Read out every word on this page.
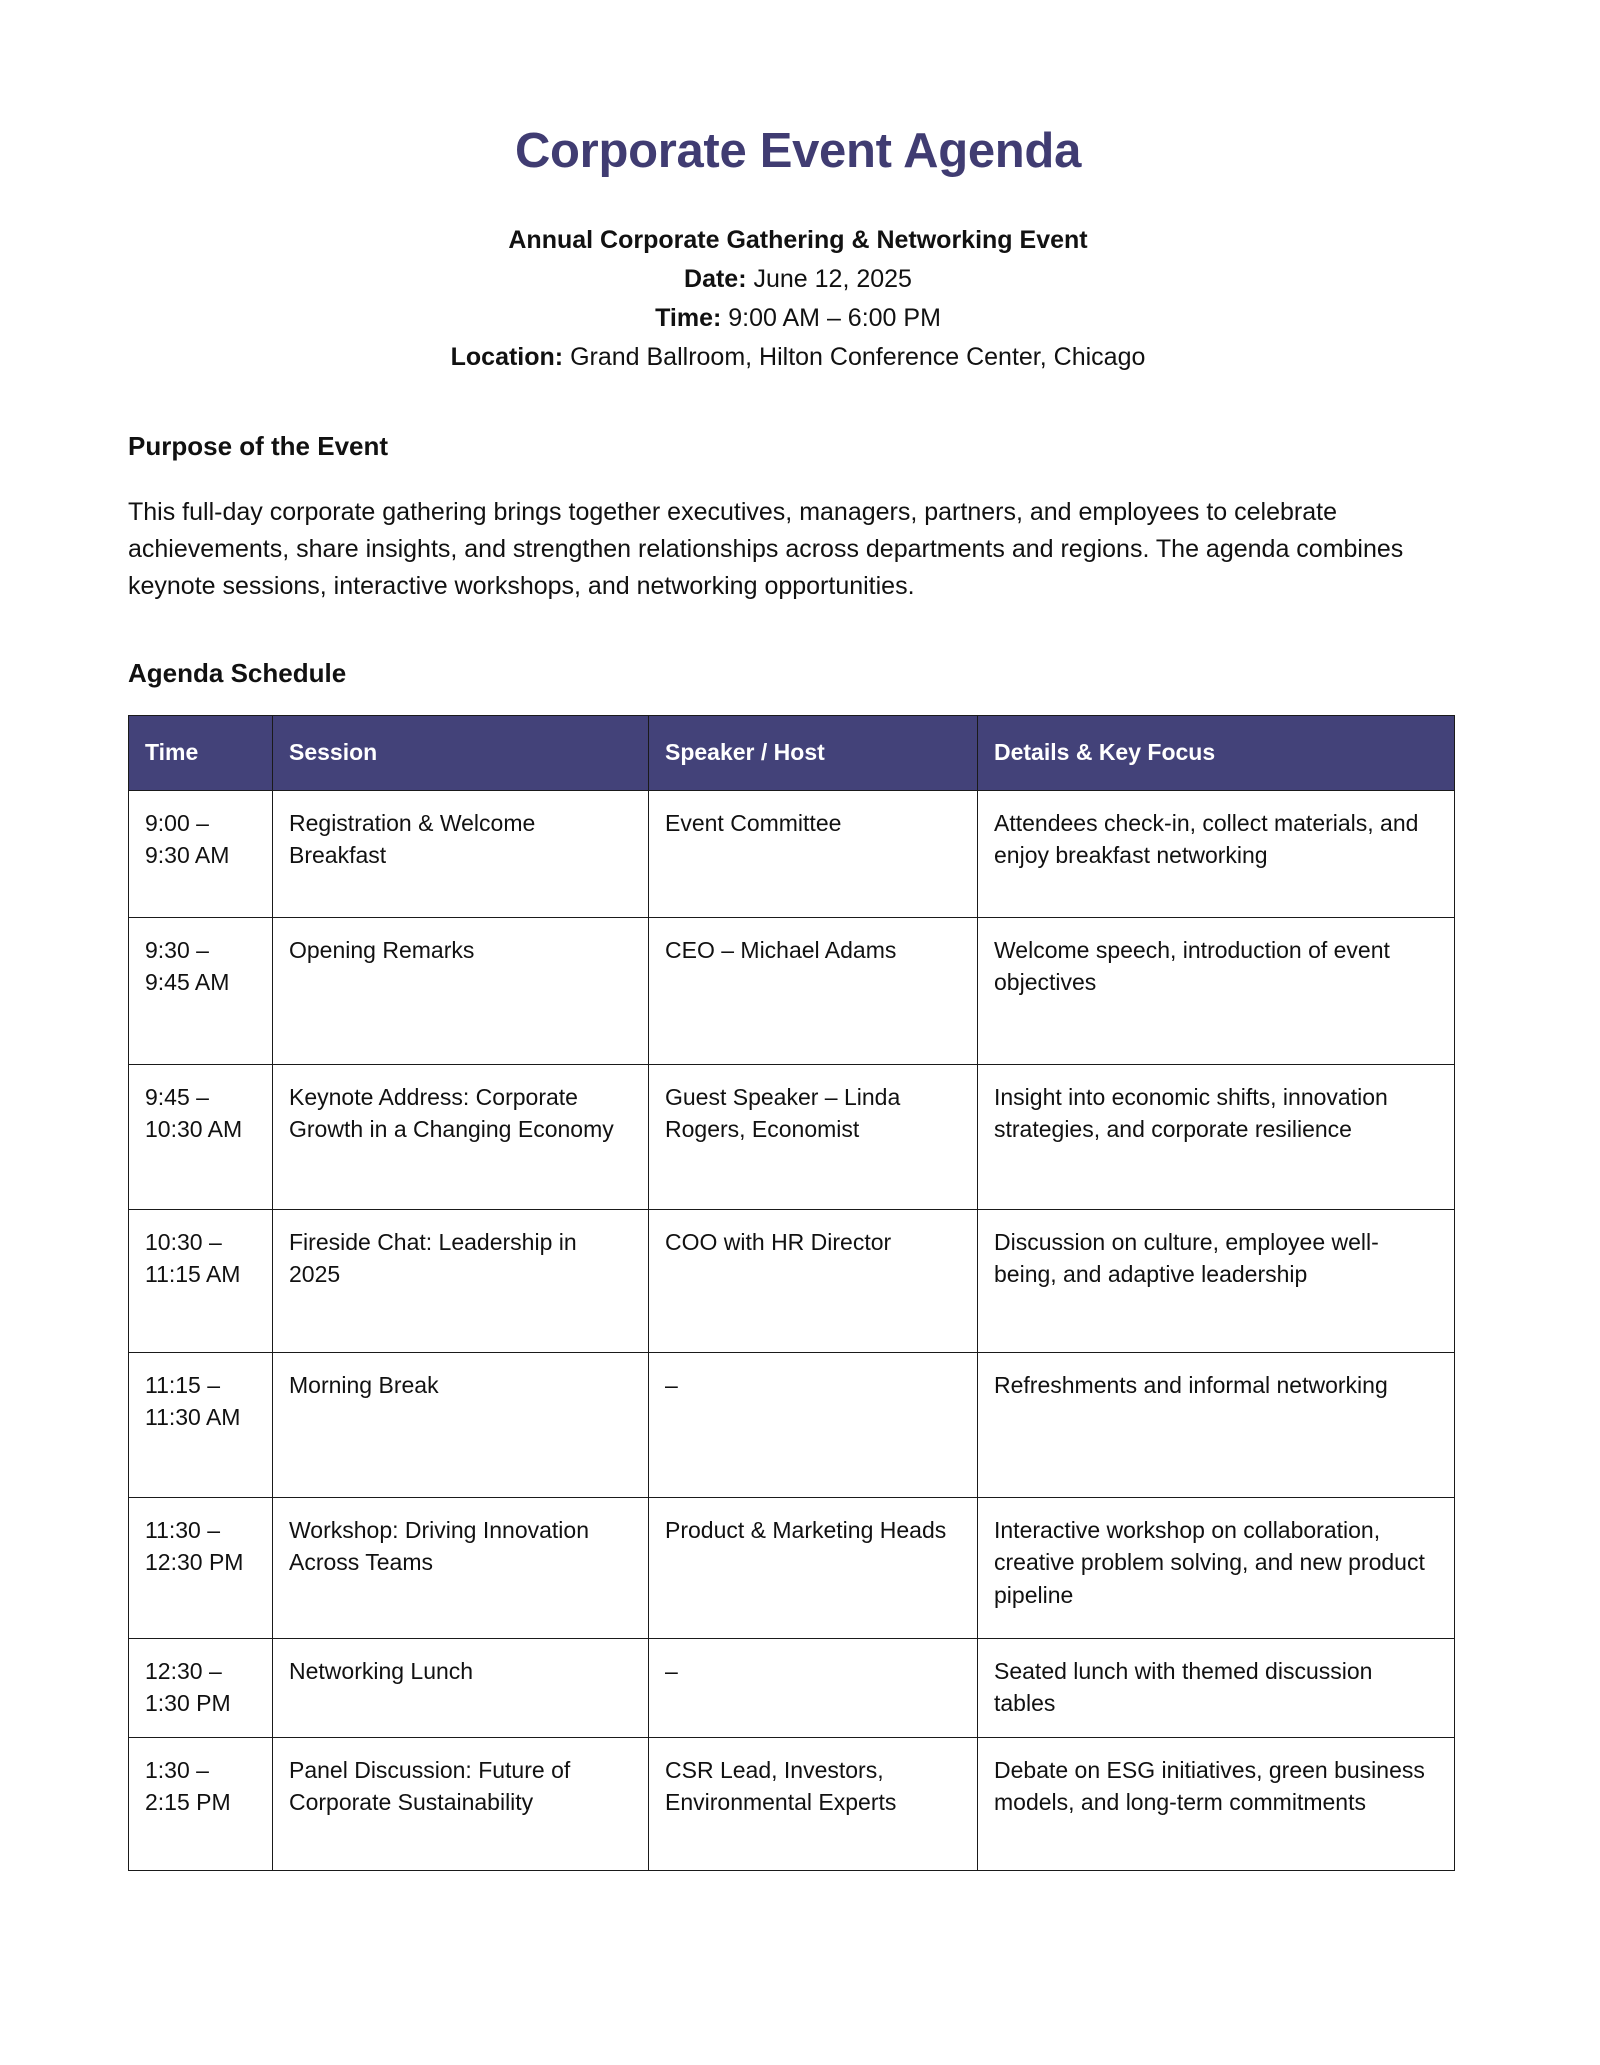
Corporate Event Agenda
Annual Corporate Gathering & Networking Event
Date: June 12, 2025
Time: 9:00 AM – 6:00 PM
Location: Grand Ballroom, Hilton Conference Center, Chicago
Purpose of the Event

This full-day corporate gathering brings together executives, managers, partners, and employees to celebrate achievements, share insights, and strengthen relationships across departments and regions. The agenda combines keynote sessions, interactive workshops, and networking opportunities.

Agenda Schedule
Time	Session	Speaker / Host	Details & Key Focus

9:00 –
9:30 AM	Registration & Welcome Breakfast	Event Committee	Attendees check-in, collect materials, and enjoy breakfast networking

9:30 –
9:45 AM	Opening Remarks	CEO – Michael Adams	Welcome speech, introduction of event objectives

9:45 –
10:30 AM	Keynote Address: Corporate Growth in a Changing Economy	Guest Speaker – Linda Rogers, Economist	Insight into economic shifts, innovation strategies, and corporate resilience

10:30 –
11:15 AM	Fireside Chat: Leadership in 2025	COO with HR Director	Discussion on culture, employee well-being, and adaptive leadership

11:15 –
11:30 AM	Morning Break	–	Refreshments and informal networking

11:30 –
12:30 PM	Workshop: Driving Innovation Across Teams	Product & Marketing Heads	Interactive workshop on collaboration, creative problem solving, and new product pipeline

12:30 –
1:30 PM	Networking Lunch	–	Seated lunch with themed discussion tables

1:30 –
2:15 PM	Panel Discussion: Future of Corporate Sustainability	CSR Lead, Investors, Environmental Experts	Debate on ESG initiatives, green business models, and long-term commitments
